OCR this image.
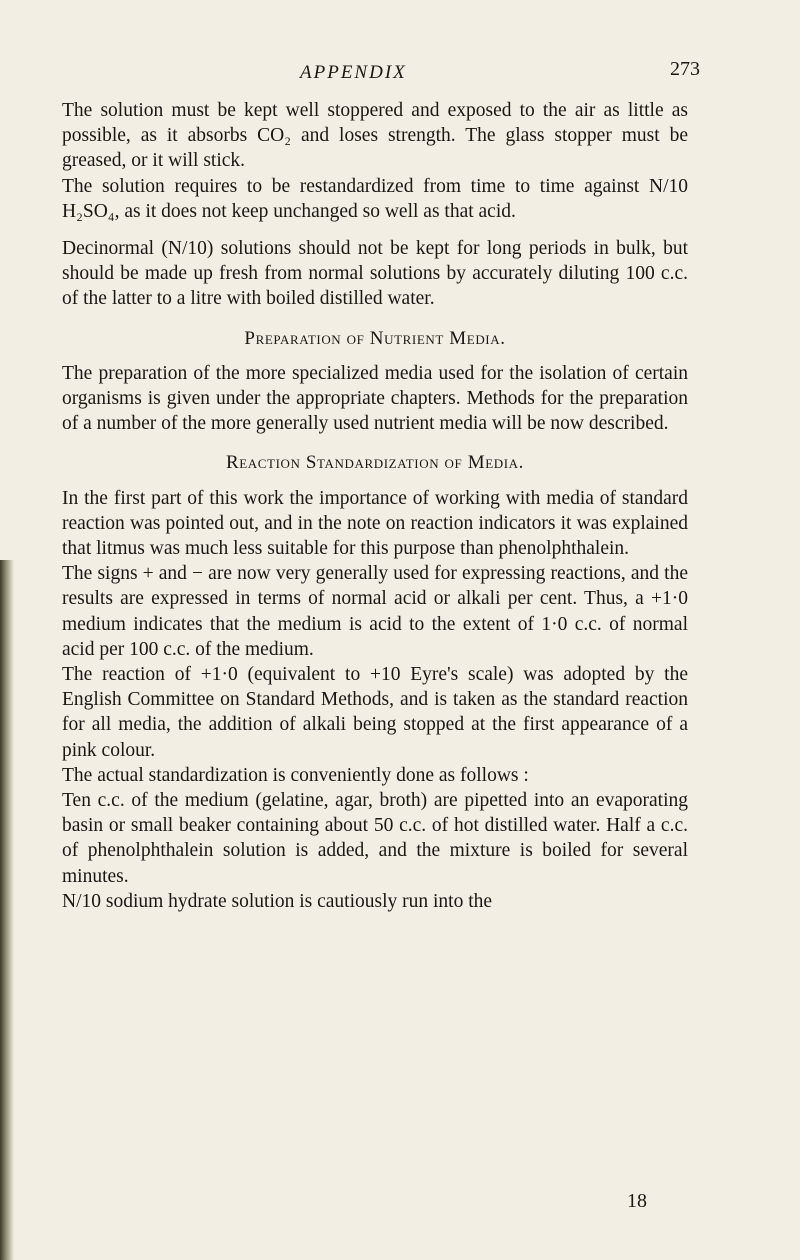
APPENDIX	273

The solution must be kept well stoppered and exposed to the air as little as possible, as it absorbs CO₂ and loses strength. The glass stopper must be greased, or it will stick.

The solution requires to be restandardized from time to time against N/10 H₂SO₄, as it does not keep unchanged so well as that acid.

Decinormal (N/10) solutions should not be kept for long periods in bulk, but should be made up fresh from normal solutions by accurately diluting 100 c.c. of the latter to a litre with boiled distilled water.

Preparation of Nutrient Media.

The preparation of the more specialized media used for the isolation of certain organisms is given under the appropriate chapters. Methods for the preparation of a number of the more generally used nutrient media will be now described.

Reaction Standardization of Media.

In the first part of this work the importance of working with media of standard reaction was pointed out, and in the note on reaction indicators it was explained that litmus was much less suitable for this purpose than phenolphthalein.

The signs + and − are now very generally used for expressing reactions, and the results are expressed in terms of normal acid or alkali per cent. Thus, a +1·0 medium indicates that the medium is acid to the extent of 1·0 c.c. of normal acid per 100 c.c. of the medium.

The reaction of +1·0 (equivalent to +10 Eyre's scale) was adopted by the English Committee on Standard Methods, and is taken as the standard reaction for all media, the addition of alkali being stopped at the first appearance of a pink colour.

The actual standardization is conveniently done as follows :

Ten c.c. of the medium (gelatine, agar, broth) are pipetted into an evaporating basin or small beaker containing about 50 c.c. of hot distilled water. Half a c.c. of phenolphthalein solution is added, and the mixture is boiled for several minutes.

N/10 sodium hydrate solution is cautiously run into the

18
